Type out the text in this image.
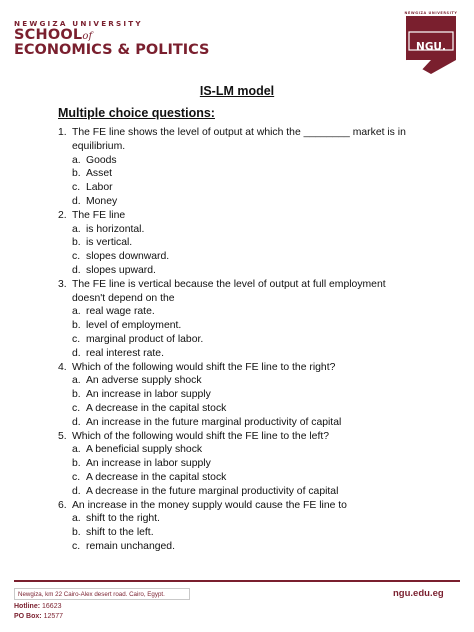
NEWGIZA UNIVERSITY
SCHOOLof
ECONOMICS & POLITICS
NEWGIZA UNIVERSITY
NGU.
IS-LM model
Multiple choice questions:
1. The FE line shows the level of output at which the ________ market is in
equilibrium.
a. Goods
b. Asset
c. Labor
d. Money
2. The FE line
a. is horizontal.
b. is vertical.
c. slopes downward.
d. slopes upward.
3. The FE line is vertical because the level of output at full employment
doesn't depend on the
a. real wage rate.
b. level of employment.
c. marginal product of labor.
d. real interest rate.
4. Which of the following would shift the FE line to the right?
a. An adverse supply shock
b. An increase in labor supply
c. A decrease in the capital stock
d. An increase in the future marginal productivity of capital
5. Which of the following would shift the FE line to the left?
a. A beneficial supply shock
b. An increase in labor supply
c. A decrease in the capital stock
d. A decrease in the future marginal productivity of capital
6. An increase in the money supply would cause the FE line to
a. shift to the right.
b. shift to the left.
c. remain unchanged.
Newgiza, km 22 Cairo-Alex desert road. Cairo, Egypt.
Hotline: 16623
PO Box: 12577
ngu.edu.eg
